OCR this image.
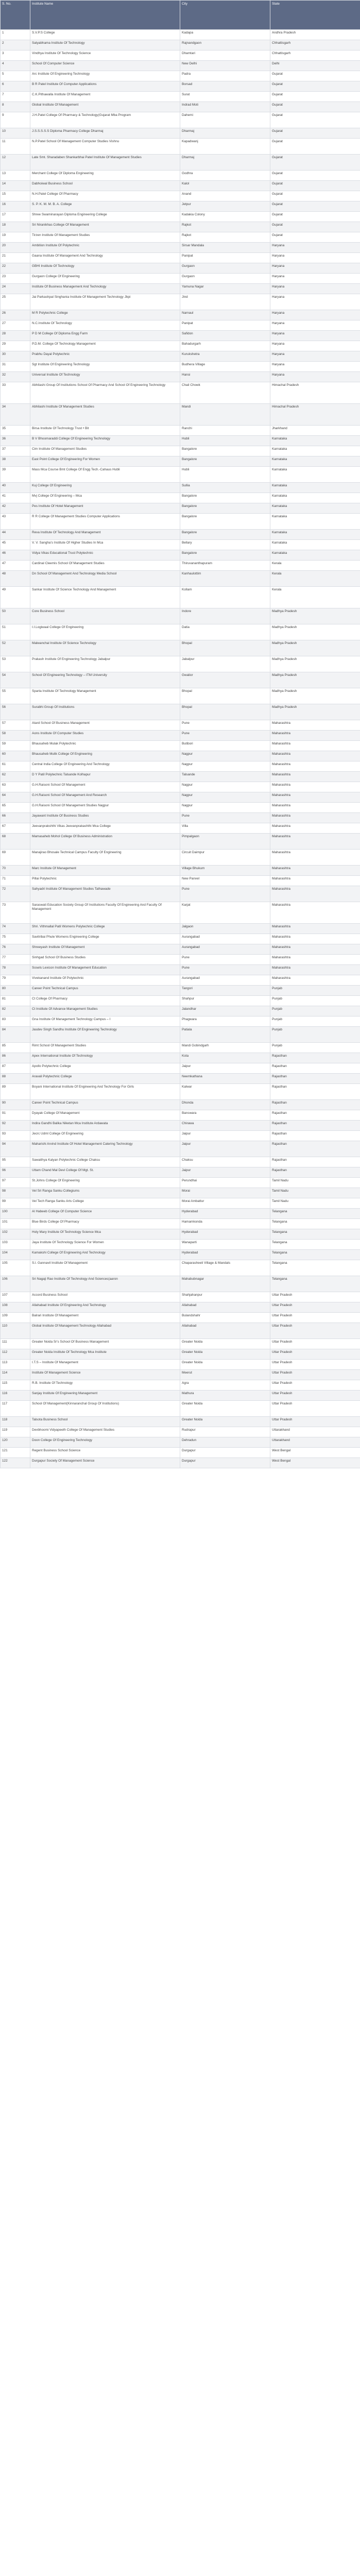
S. No.	Institute Name	City	State
1	S.V.P.S College	Kadapa	Andhra Pradesh
2	Satyabhama Institute Of Technology	Rajnandgaon	Chhattisgarh
3	Vindhya Institute Of Technology Science	Dhamtari	Chhattisgarh
4	School Of Computer Science	New Delhi	Delhi
5	Arc Institute Of Engineering Technology	Padra	Gujarat
6	B R Patel Institute Of Computer Applications	Borsad	Gujarat
7	C.K.Pithawalla Institute Of Management	Surat	Gujarat
8	Global Institute Of Management	Indrad Moti	Gujarat
9	J.H.Patel College Of Pharmacy & Technology(Gujarat Mba Program	Dahemi	Gujarat
10	J.S.S.S.S.S Diploma Pharmacy College Dharmaj	Dharmaj	Gujarat
11	N.P.Patel School Of Management Computer Studies Vishnu	Kapadwanj	Gujarat
12	Late Smt. Sharadaben Shankarbhai Patel Institute Of Management Studies	Dharmaj	Gujarat
13	Merchant College Of Diploma Engineering	Godhra	Gujarat
14	Dabhoiwal Business School	Kalol	Gujarat
15	N.H.Patel College Of Pharmacy	Anand	Gujarat
16	S. P. K. M. M. B. A. College	Jetpur	Gujarat
17	Shree Swaminarayan Diploma Engineering College	Kadakia Colony	Gujarat
18	Sri Niranikhas College Of Management	Rajkot	Gujarat
19	Tirzen Institute Of Management Studies	Rajkot	Gujarat
20	Ambition Institute Of Polytechnic	Sirsar Mandala	Haryana
21	Gaana Institute Of Management And Technology	Panipat	Haryana
22	GBHI Institute Of Technology	Gurgaon	Haryana
23	Gurgaon College Of Engineering	Gurgaon	Haryana
24	Institute Of Business Management And Technology	Yamuna Nagar	Haryana
25	Jai Parkashpal Singhania Institute Of Management Technology Jbpi	Jind	Haryana
26	M R Polytechnic College	Narnaul	Haryana
27	N.C.Institute Of Technology	Panipat	Haryana
28	P D M College Of Diploma Engg Farm	Safidon	Haryana
29	P.D.M. College Of Technology Management	Bahadurgarh	Haryana
30	Prabhu Dayal Polytechnic	Kurukshetra	Haryana
31	Sgt Institute Of Engineering Technology	Budhera Village	Haryana
32	Universal Institute Of Technology	Hansi	Haryana
33	Abhilashi Group Of Institutions School Of Pharmacy And School Of Engineering Technology	Chail Chowk	Himachal Pradesh
34	Abhilashi Institute Of Management Studies	Mandi	Himachal Pradesh
35	Birsa Institute Of Technology Trust • Bit	Ranchi	Jharkhand
36	B V Bhoomaraddi College Of Engineering Technology	Hubli	Karnataka
37	Cim Institute Of Management Studies	Bangalore	Karnataka
38	East Point College Of Engineering For Women	Bangalore	Karnataka
39	Mass Mca Course Bmt College Of Engg Tech.-Cahaus Hubli	Hubli	Karnataka
40	Kuj College Of Engineering	Sullia	Karnataka
41	Mvj College Of Engineering – Mca	Bangalore	Karnataka
42	Pes Institute Of Hotel Management	Bangalore	Karnataka
43	R R College Of Management Studies Computer Applications	Bangalore	Karnataka
44	Reva Institute Of Technology And Management	Bangalore	Karnataka
45	V. V. Sangha's Institute Of Higher Studies In Mca	Bellary	Karnataka
46	Vidya Vikas Educational Trust Polytechnic	Bangalore	Karnataka
47	Cardinal Cleemis School Of Management Studies	Thiruvananthapuram	Kerala
48	Dn School Of Management And Technology Media School	Kanhaulottim	Kerala
49	Sankar Institute Of Science Technology And Management	Kollam	Kerala
50	Core Business School	Indore	Madhya Pradesh
51	I.I.Logiwaal College Of Engineering	Datia	Madhya Pradesh
52	Malwanchal Institute Of Science Technology	Bhopal	Madhya Pradesh
53	Prakash Institute Of Engineering Technology Jabalpur	Jabalpur	Madhya Pradesh
54	School Of Engineering Technology – ITM University	Gwalior	Madhya Pradesh
55	Sparta Institute Of Technology Management	Bhopal	Madhya Pradesh
56	Surabhi Group Of Institutions	Bhopal	Madhya Pradesh
57	Atard School Of Business Management	Pune	Maharashtra
58	Aons Institute Of Computer Studies	Pune	Maharashtra
59	Bhausaheb Mulak Polytechnic	Butibori	Maharashtra
60	Bhausaheb Mulik College Of Engineering	Nagpur	Maharashtra
61	Central India College Of Engineering And Technology	Nagpur	Maharashtra
62	D Y Patil Polytechnic Talsande Kolhapur	Talsande	Maharashtra
63	G.H.Raisoni School Of Management	Nagpur	Maharashtra
64	G.H.Raisoni School Of Management And Research	Nagpur	Maharashtra
65	G.H.Raisoni School Of Management Studies Nagpur	Nagpur	Maharashtra
66	Jayawant Institute Of Business Studies	Pune	Maharashtra
67	Jeevanprakshthi Vikas Jeevanprakashthi Mca College	Villa	Maharashtra
68	Mamasaheb Mohol College Of Business Administration	Pimpalgaon	Maharashtra
69	Manajirao Bhosale Technical Campus Faculty Of Engineering	Circuit Daimpur	Maharashtra
70	Marc Institute Of Management	Village Bhukum	Maharashtra
71	Pillai Polytechnic	New Panvel	Maharashtra
72	Sahyadri Institute Of Management Studies Tathawade	Pune	Maharashtra
73	Saraswati Education Society Group Of Institutions Faculty Of Engineering And Faculty Of Management	Karjat	Maharashtra
74	Shri. Vithmallal Patil Womens Polytechnic College	Jalgaon	Maharashtra
75	Savitribai Phule Womens Engineering College	Aurangabad	Maharashtra
76	Shreeyash Institute Of Management	Aurangabad	Maharashtra
77	Sinhgad School Of Business Studies	Pune	Maharashtra
78	Sosels Lexicon Institute Of Management Education	Pune	Maharashtra
79	Vivekanand Institute Of Polytechnic	Aurangabad	Maharashtra
80	Career Point Technical Campus	Tangori	Punjab
81	Ct College Of Pharmacy	Shahpur	Punjab
82	Ct Institute Of Advance Management Studies	Jalandhar	Punjab
83	Gna Institute Of Management Technology Campus – I	Phagwara	Punjab
84	Jasdev Singh Sandhu Institute Of Engineering Technology	Patiala	Punjab
85	Rimt School Of Management Studies	Mandi Gobindgarh	Punjab
86	Apex International Institute Of Technology	Kota	Rajasthan
87	Apollo Polytechnic College	Jaipur	Rajasthan
88	Aravali Polytechnic College	Neemkathana	Rajasthan
89	Boyani International Institute Of Engineering And Technology For Girls	Kalwar	Rajasthan
90	Career Point Technical Campus	Dhonda	Rajasthan
91	Dyayak College Of Management	Banswara	Rajasthan
92	Indira Gandhi Balika Niketan Mca Institute Ardawata	Chirawa	Rajasthan
93	Jecrc Udml College Of Engineering	Jaipur	Rajasthan
94	Maharishi Arvind Institute Of Hotel Management Catering Technology	Jaipur	Rajasthan
95	Sawaithya Kalyan Polytechnic College Chaksu	Chaksu	Rajasthan
96	Uttam Chand Mal Devi College Of Mgt. St.	Jaipur	Rajasthan
97	St.Johns College Of Engineering	Perundhai	Tamil Nadu
98	Vel Sri Ranga Sanku Collegiums	Morai	Tamil Nadu
99	Vel Tech Ranga Sanku Arts College	Morai Ambattur	Tamil Nadu
100	Al Habeeb College Of Computer Science	Hyderabad	Telangana
101	Blue Birds College Of Pharmacy	Hamamkonda	Telangana
102	Holy Mary Institute Of Technology Science Mca	Hyderabad	Telangana
103	Jaya Institute Of Technology Science For Women	Wanaparti	Telangana
104	Kamakshi College Of Engineering And Technology	Hyderabad	Telangana
105	S.l. Gannavil Institute Of Management	Chaparasheeli Village & Mandals	Telangana
106	Sri Nagaji Rao Institute Of Technology And Sciences(aaron	Mahabubnagar	Telangana
107	Accord Business School	Shahjahanpur	Uttar Pradesh
108	Allahabad Institute Of Engineering And Technology	Allahabad	Uttar Pradesh
109	Balrari Institute Of Management	Bulandshahr	Uttar Pradesh
110	Global Institute Of Management Technology Allahabad	Allahabad	Uttar Pradesh
111	Greater Noida Sr's School Of Business Management	Greater Noida	Uttar Pradesh
112	Greater Noida Institute Of Technology Mca Institute	Greater Noida	Uttar Pradesh
113	I.T.S – Institute Of Management	Greater Noida	Uttar Pradesh
114	Institute Of Management Science	Meerut	Uttar Pradesh
115	R.B. Institute Of Technology	Agra	Uttar Pradesh
116	Sanjay Institute Of Engineering Management	Mathura	Uttar Pradesh
117	School Of Management(Kinnaranchal Group Of Institutions)	Greater Noida	Uttar Pradesh
118	Talsota Business School	Greater Noida	Uttar Pradesh
119	Devbhoomi Vidyapeeth College Of Management Studies	Rudrapur	Uttarakhand
120	Doon College Of Engineering Technology	Dehradun	Uttarakhand
121	Regent Business School Science	Durgapur	West Bengal
122	Durgapur Society Of Management Science	Durgapur	West Bengal
